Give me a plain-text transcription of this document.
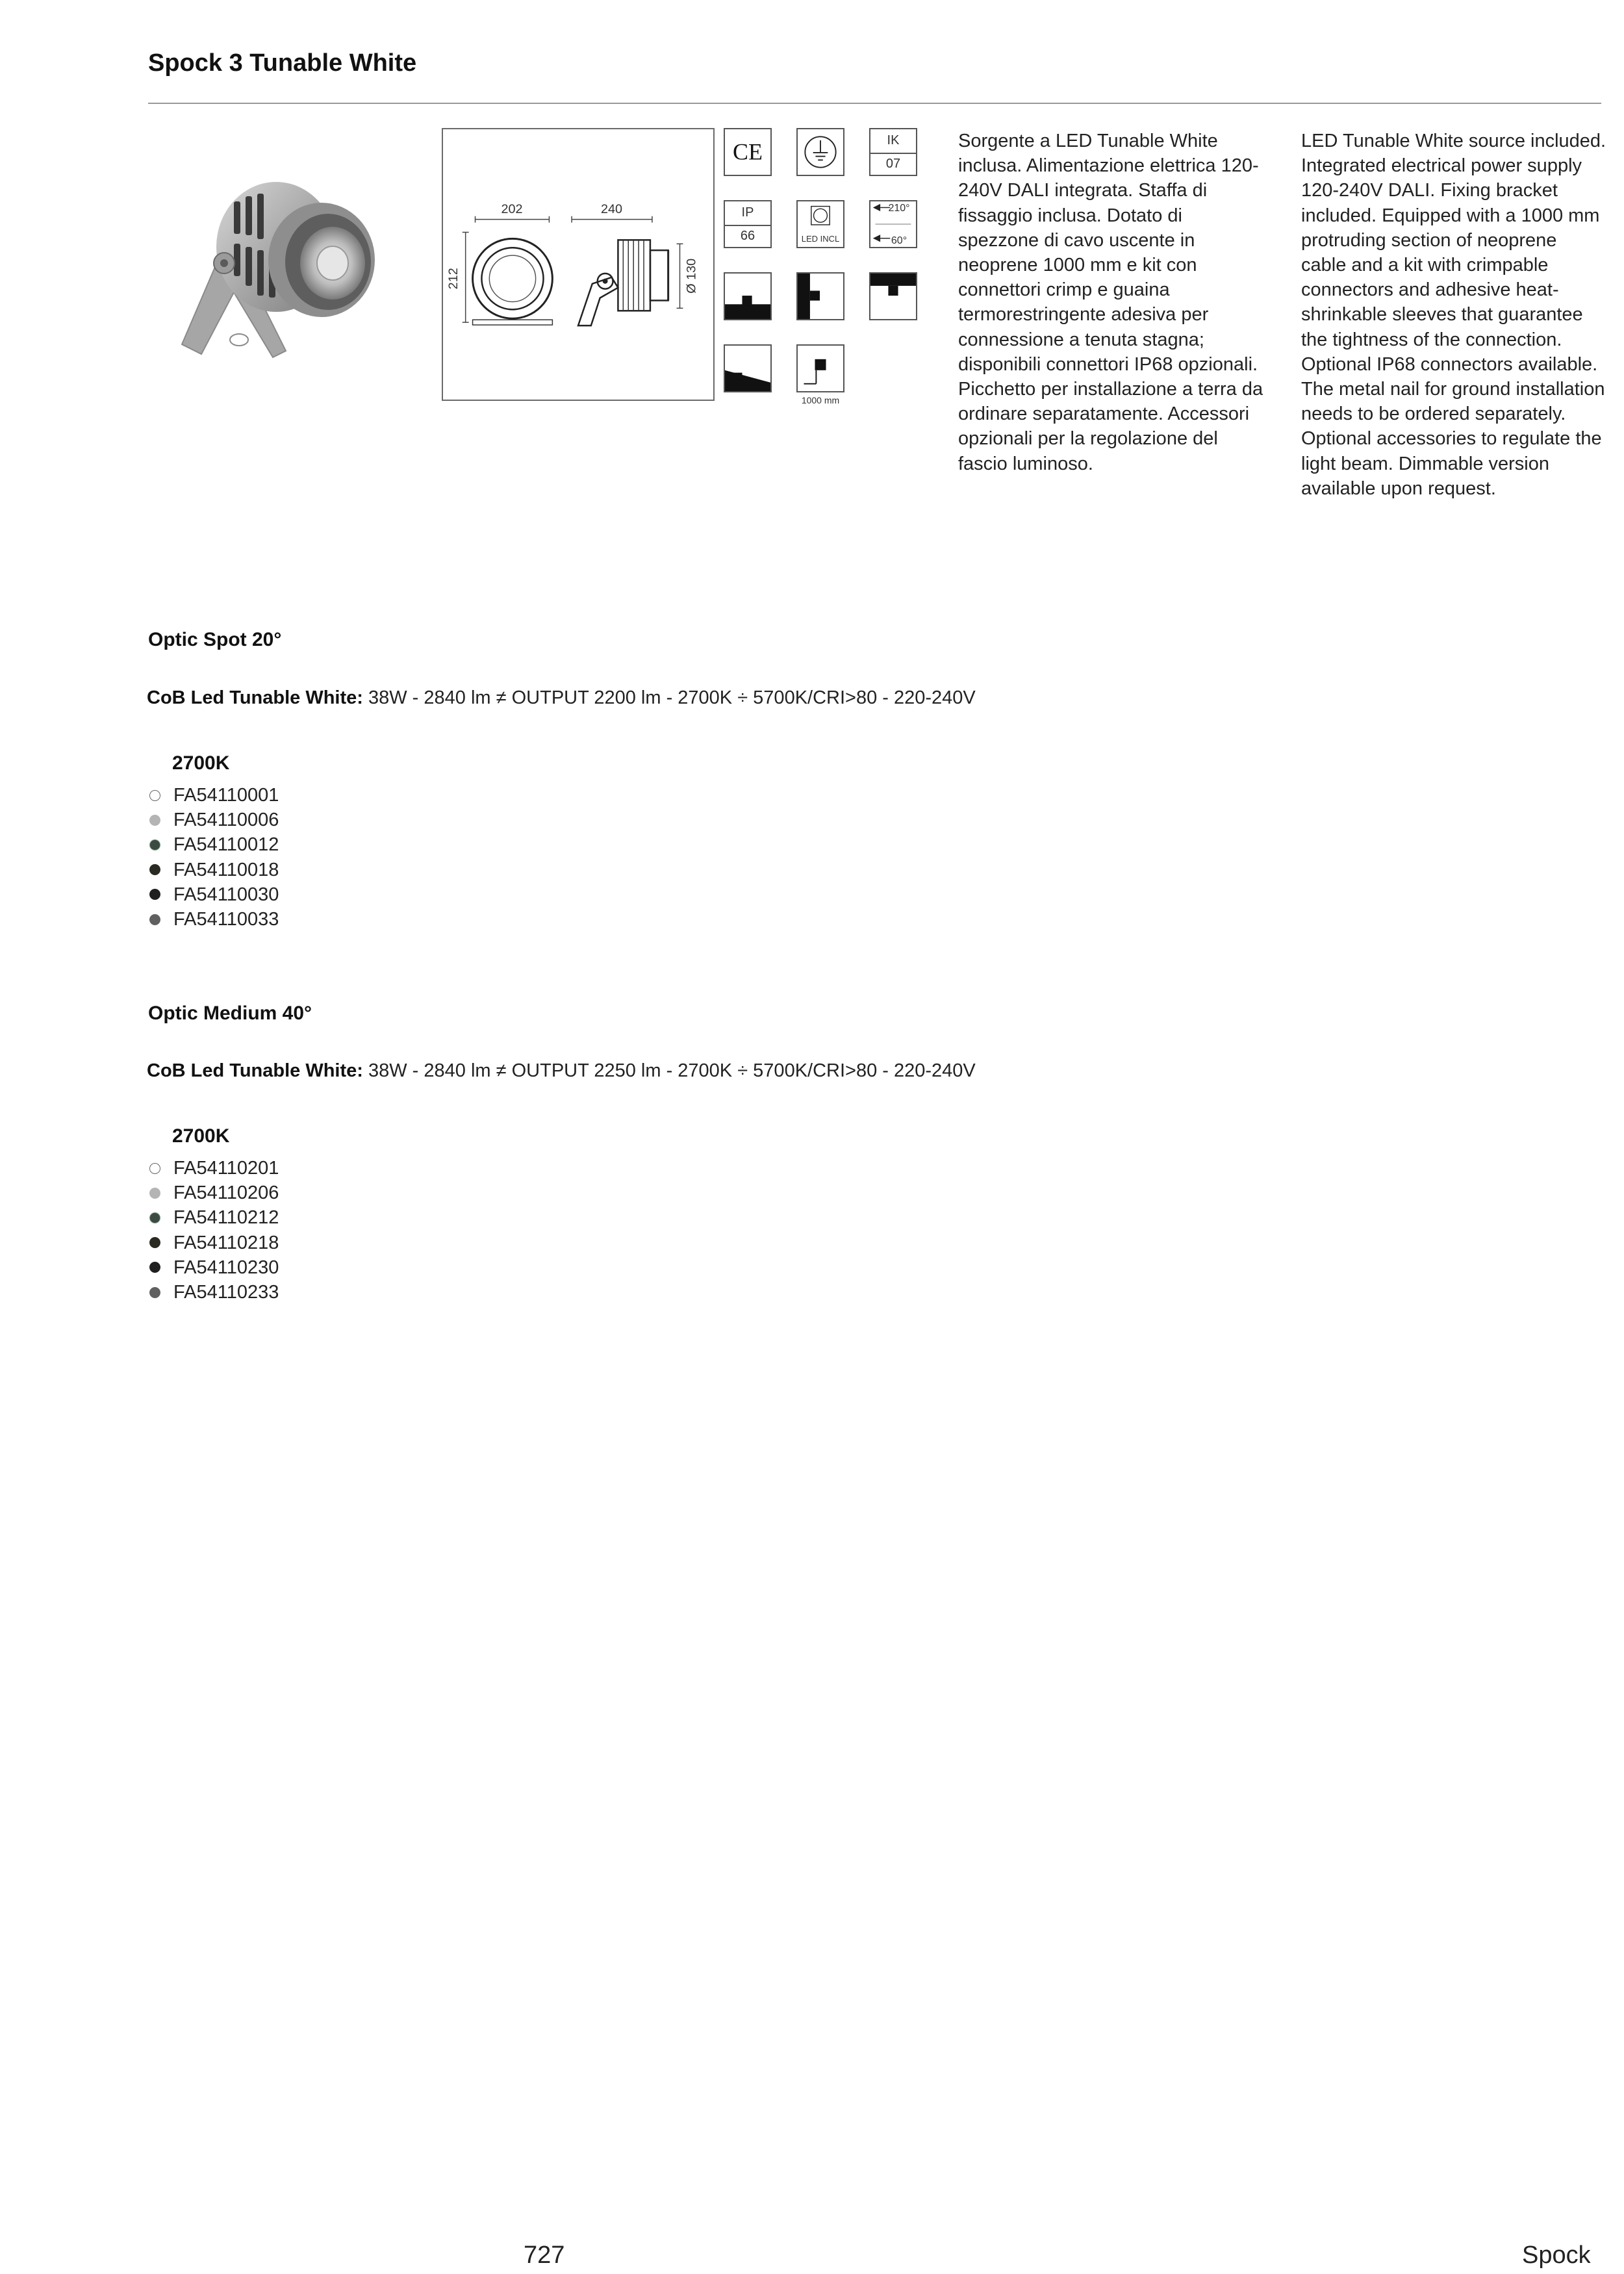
Spock 3 Tunable White
202
212
240
Ø 130
CE	IK
07
IP
66	LED INCL
210°
60°
1000 mm
Sorgente a LED Tunable White inclusa. Alimentazione elettrica 120-240V DALI integrata. Staffa di fissaggio inclusa. Dotato di spezzone di cavo uscente in neoprene 1000 mm e kit con connettori crimp e guaina termorestringente adesiva per connessione a tenuta stagna; disponibili connettori IP68 opzionali. Picchetto per installazione a terra da ordinare separatamente. Accessori opzionali per la regolazione del fascio luminoso.
LED Tunable White source included. Integrated electrical power supply 120-240V DALI. Fixing bracket included. Equipped with a 1000 mm protruding section of neoprene cable and a kit with crimpable connectors and adhesive heat-shrinkable sleeves that guarantee the tightness of the connection. Optional IP68 connectors available. The metal nail for ground installation needs to be ordered separately. Optional accessories to regulate the light beam. Dimmable version available upon request.
Optic Spot 20°
CoB Led Tunable White: 38W - 2840 lm ≠ OUTPUT 2200 lm - 2700K ÷ 5700K/CRI>80 - 220-240V
2700K
FA54110001
FA54110006
FA54110012
FA54110018
FA54110030
FA54110033
Optic Medium 40°
CoB Led Tunable White: 38W - 2840 lm ≠ OUTPUT 2250 lm - 2700K ÷ 5700K/CRI>80 - 220-240V
2700K
FA54110201
FA54110206
FA54110212
FA54110218
FA54110230
FA54110233
727	Spock
